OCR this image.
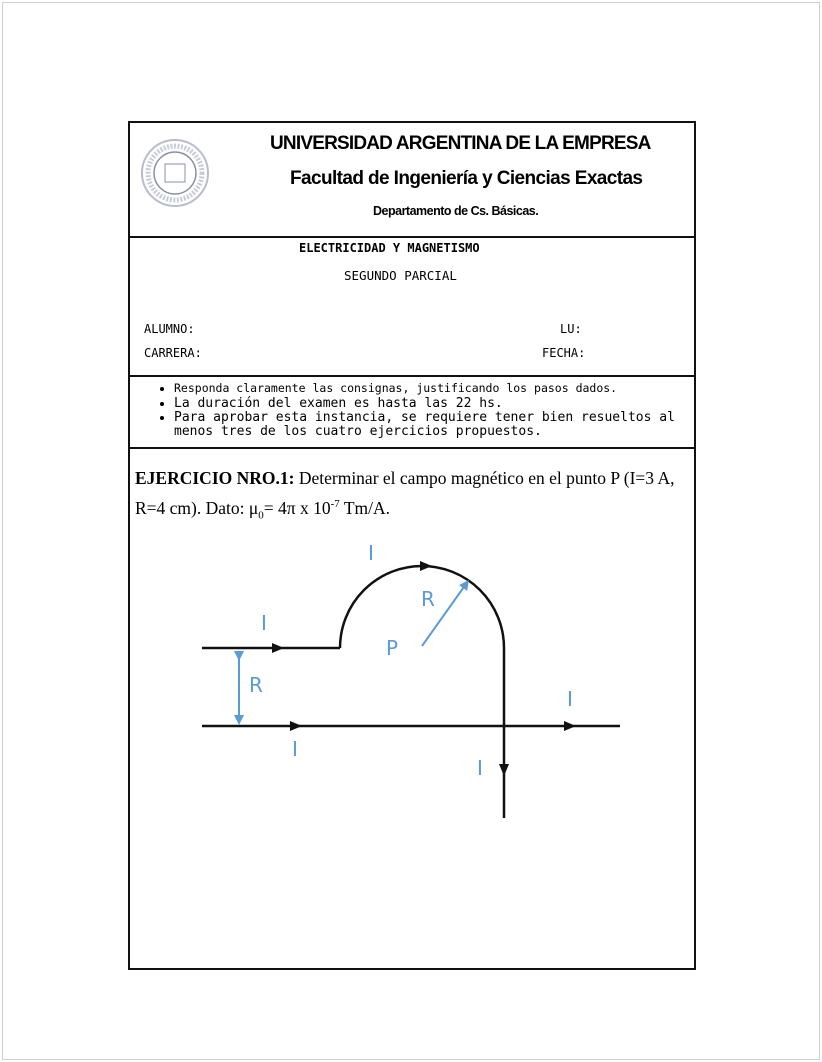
UNIVERSIDAD ARGENTINA DE LA EMPRESA
Facultad de Ingeniería y Ciencias Exactas
Departamento de Cs. Básicas.
ELECTRICIDAD Y MAGNETISMO
SEGUNDO PARCIAL
ALUMNO:	LU:
CARRERA:	FECHA:
• Responda claramente las consignas, justificando los pasos dados.
• La duración del examen es hasta las 22 hs.
• Para aprobar esta instancia, se requiere tener bien resueltos al menos tres de los cuatro ejercicios propuestos.

EJERCICIO NRO.1: Determinar el campo magnético en el punto P (I=3 A, R=4 cm). Dato: $\mu_0= 4\pi$ x $10^{-7}$ Tm/A.

I
I
R
P
R
I
I
I
